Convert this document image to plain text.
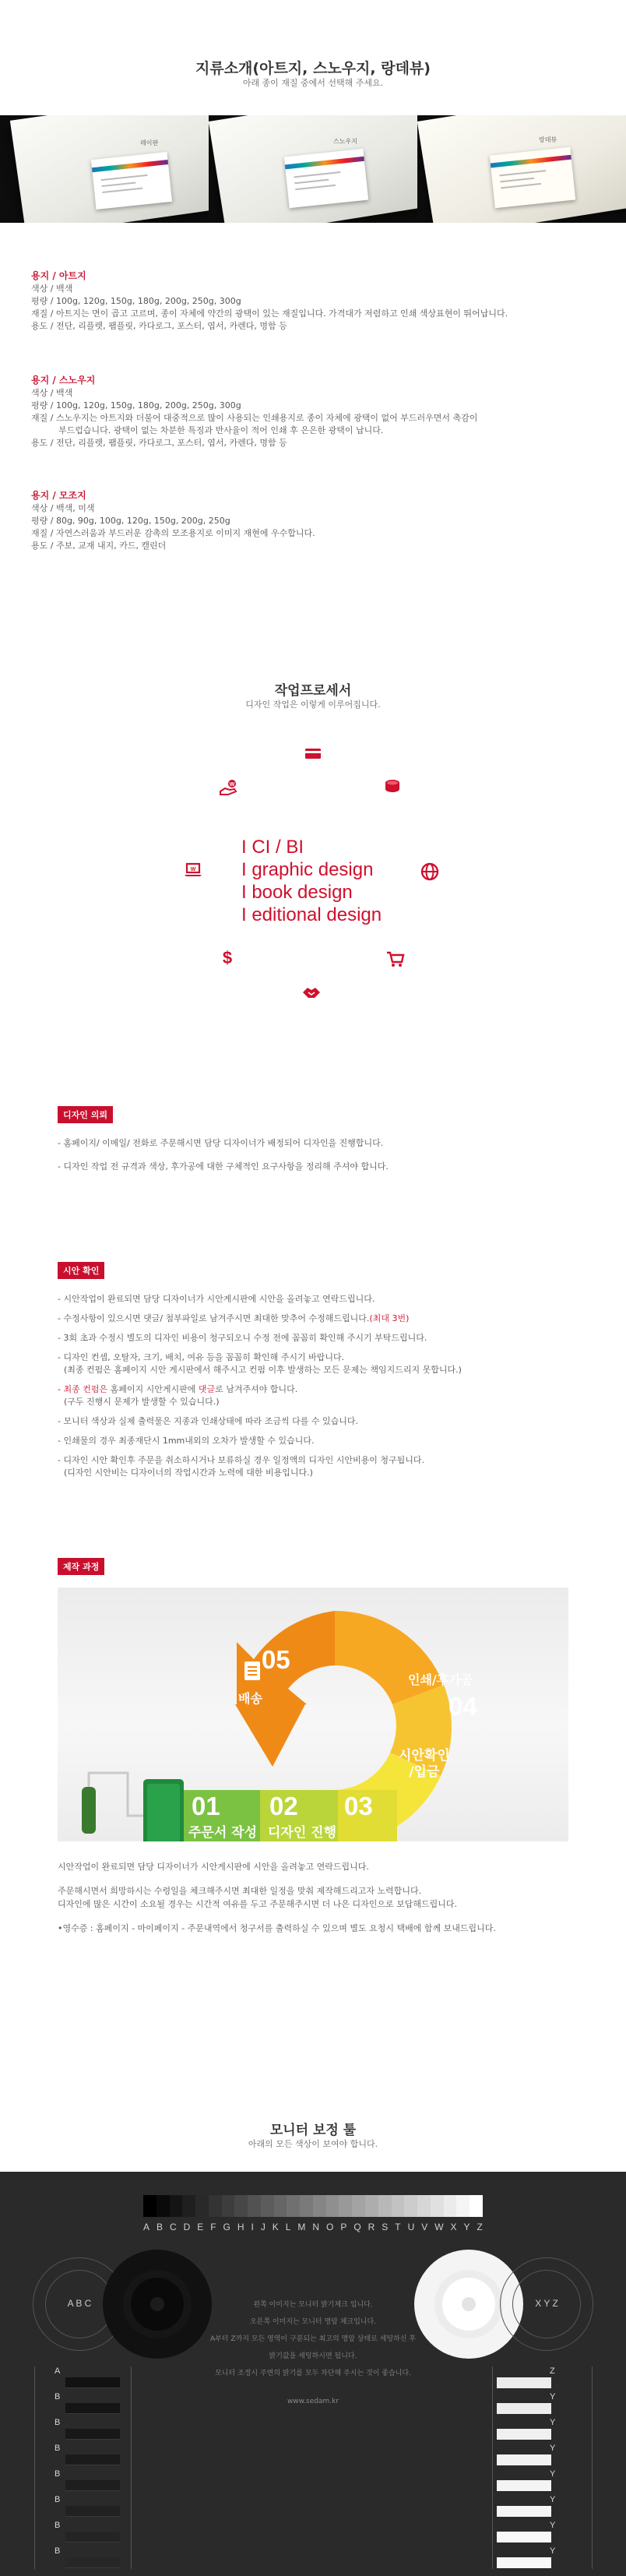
지류소개(아트지, 스노우지, 랑데뷰)
아래 종이 재질 중에서 선택해 주세요.
레이판	스노우지	랑데뷰
용지 / 아트지
색상 / 백색
평량 / 100g, 120g, 150g, 180g, 200g, 250g, 300g
재질 / 아트지는 면이 곱고 고르며, 종이 자체에 약간의 광택이 있는 재질입니다. 가격대가 저렴하고 인쇄 색상표현이 뛰어납니다.
용도 / 전단, 리플렛, 팸플릿, 카다로그, 포스터, 엽서, 카렌다, 명함 등
용지 / 스노우지
색상 / 백색
평량 / 100g, 120g, 150g, 180g, 200g, 250g, 300g
재질 / 스노우지는 아트지와 더불어 대중적으로 많이 사용되는 인쇄용지로 종이 자체에 광택이 없어 부드러우면서 촉감이
부드럽습니다. 광택이 없는 차분한 특징과 반사율이 적어 인쇄 후 은은한 광택이 납니다.
용도 / 전단, 리플렛, 팸플릿, 카다로그, 포스터, 엽서, 카렌다, 명함 등
용지 / 모조지
색상 / 백색, 미색
평량 / 80g, 90g, 100g, 120g, 150g, 200g, 250g
재질 / 자연스러움과 부드러운 감촉의 모조용지로 이미지 재현에 우수합니다.
용도 / 주보, 교재 내지, 카드, 캘린더
작업프로세서
디자인 작업은 이렇게 이루어집니다.
$
W
W
I CI / BI
I graphic design
I book design
I editional design
디자인 의뢰
- 홈페이지/ 이메일/ 전화로 주문해시면 담당 디자이너가 배정되어 디자인을 진행합니다.
- 디자인 작업 전 규격과 색상, 후가공에 대한 구체적인 요구사항을 정리해 주셔야 합니다.
시안 확인
- 시안작업이 완료되면 담당 디자이너가 시안게시판에 시안을 올려놓고 연락드립니다.
- 수정사항이 있으시면 댓글/ 첨부파일로 남겨주시면 최대한 맞추어 수정해드립니다.(최대 3번)
- 3회 초과 수정시 별도의 디자인 비용이 청구되오니 수정 전에 꼼꼼히 확인해 주시기 부탁드립니다.
- 디자인 컨셉, 오탈자, 크기, 배치, 여유 등을 꼼꼼히 확인해 주시기 바랍니다.
(최종 컨펌은 홈페이지 시안 게시판에서 해주시고 컨펌 이후 발생하는 모든 문제는 책임지드리지 못합니다.)
- 최종 컨펌은 홈페이지 시안게시판에 댓글로 남겨주셔야 합니다.
(구두 진행시 문제가 발생할 수 있습니다.)
- 모니터 색상과 실제 출력물은 지종과 인쇄상태에 따라 조금씩 다를 수 있습니다.
- 인쇄물의 경우 최종재단시 1mm내외의 오차가 발생할 수 있습니다.
- 디자인 시안 확인후 주문을 취소하시거나 보류하실 경우 일정액의 디자인 시안비용이 청구됩니다.
(디자인 시안비는 디자이너의 작업시간과 노력에 대한 비용입니다.)
제작 과정
05
배송
인쇄/후가공
04
시안확인
/입금
03
01
주문서 작성
02
디자인 진행
시안작업이 완료되면 담당 디자이너가 시안게시판에 시안을 올려놓고 연락드립니다.
주문해시면서 희망하시는 수령일을 체크해주시면 최대한 일정을 맞춰 제작해드리고자 노력합니다.
디자인에 많은 시간이 소요될 경우는 시간적 여유를 두고 주문해주시면 더 나은 디자인으로 보답해드립니다.
•영수증 : 홈페이지 - 마이페이지 - 주문내역에서 청구서를 출력하실 수 있으며 별도 요청시 택배에 함께 보내드립니다.
모니터 보정 툴
아래의 모든 색상이 보여야 합니다.
A B C D E F G H I J K L M N O P Q R S T U V W X Y Z
A B C	X Y Z
왼쪽 이미지는 모니터 밝기체크 입니다.
오른쪽 이미지는 모니터 명암 체크입니다.
A부터 Z까지 모든 영역이 구분되는 최고의 명암 상태로 세팅하신 후
밝기값을 세팅하시면 됩니다.
모니터 조정시 주변의 밝기를 모두 차단해 주시는 것이 좋습니다.
www.sedam.kr
A
B
B
B
B
B
B
B
Z
Y
Y
Y
Y
Y
Y
Y
